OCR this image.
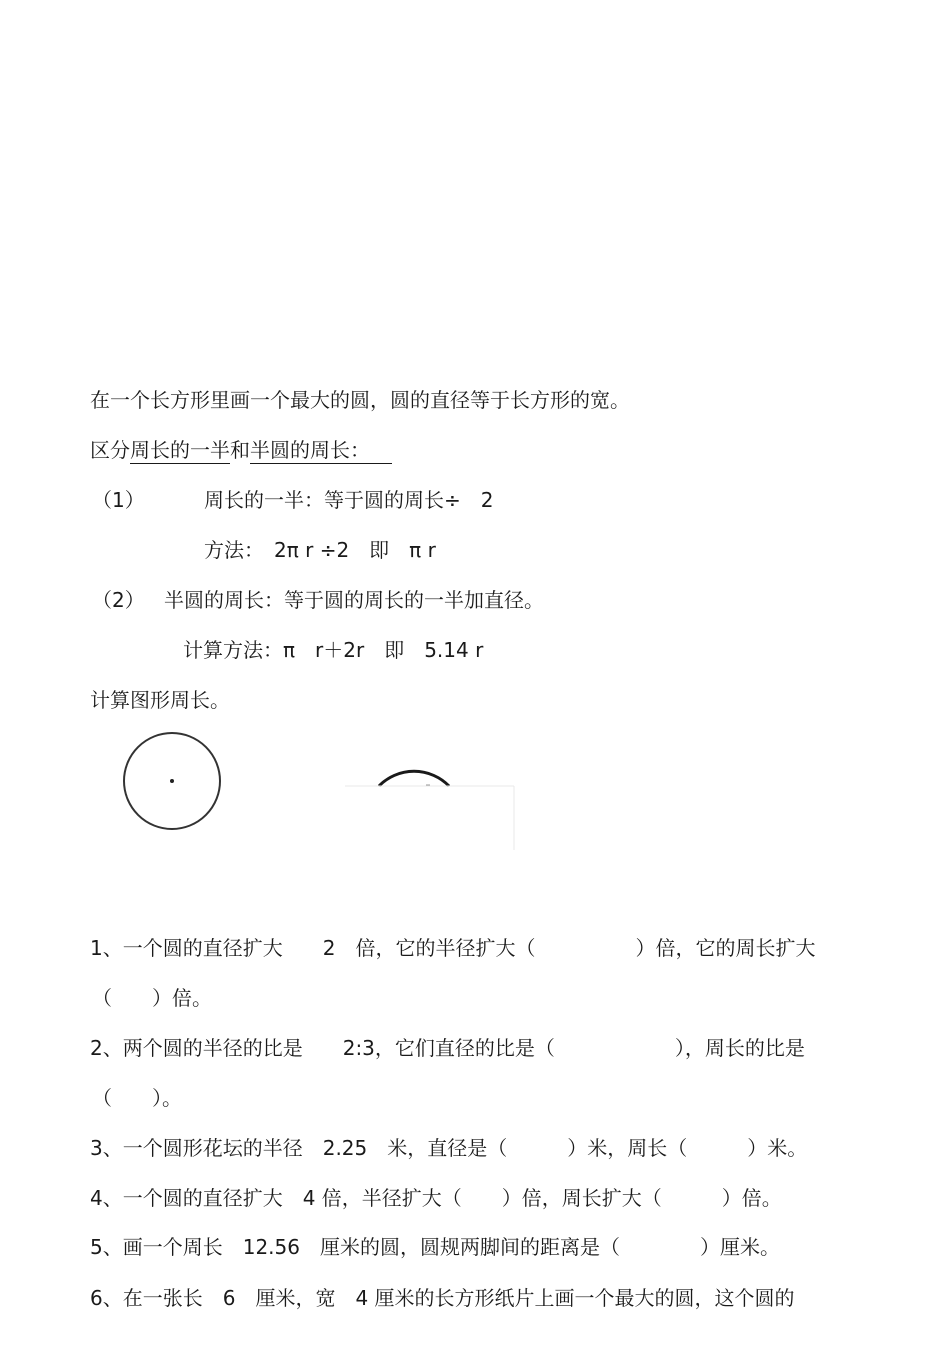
在一个长方形里画一个最大的圆，圆的直径等于长方形的宽。
区分周长的一半和半圆的周长：
（1）	周长的一半：等于圆的周长÷　2
方法：　2π r ÷2　即　π r
（2） 半圆的周长：等于圆的周长的一半加直径。
计算方法：π　r＋2r　即　5.14 r
计算图形周长。
1、一个圆的直径扩大　　2　倍，它的半径扩大（　　　　　）倍，它的周长扩大
（　　）倍。
2、两个圆的半径的比是　　2:3，它们直径的比是（　　　　　　），周长的比是
（　　）。
3、一个圆形花坛的半径　2.25　米，直径是（　　　）米，周长（　　　）米。
4、一个圆的直径扩大　4 倍，半径扩大（　　）倍，周长扩大（　　　）倍。
5、画一个周长　12.56　厘米的圆，圆规两脚间的距离是（　　　　）厘米。
6、在一张长　6　厘米，宽　4 厘米的长方形纸片上画一个最大的圆，这个圆的
